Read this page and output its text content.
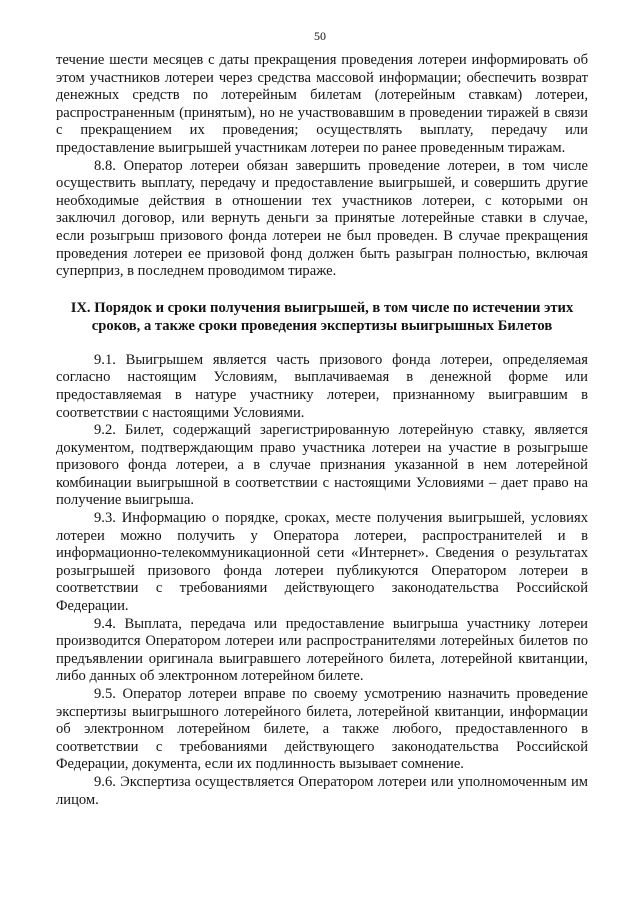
50

течение шести месяцев с даты прекращения проведения лотереи информировать об этом участников лотереи через средства массовой информации; обеспечить возврат денежных средств по лотерейным билетам (лотерейным ставкам) лотереи, распространенным (принятым), но не участвовавшим в проведении тиражей в связи с прекращением их проведения; осуществлять выплату, передачу или предоставление выигрышей участникам лотереи по ранее проведенным тиражам.

8.8. Оператор лотереи обязан завершить проведение лотереи, в том числе осуществить выплату, передачу и предоставление выигрышей, и совершить другие необходимые действия в отношении тех участников лотереи, с которыми он заключил договор, или вернуть деньги за принятые лотерейные ставки в случае, если розыгрыш призового фонда лотереи не был проведен. В случае прекращения проведения лотереи ее призовой фонд должен быть разыгран полностью, включая суперприз, в последнем проводимом тираже.

IX. Порядок и сроки получения выигрышей, в том числе по истечении этих сроков, а также сроки проведения экспертизы выигрышных Билетов

9.1. Выигрышем является часть призового фонда лотереи, определяемая согласно настоящим Условиям, выплачиваемая в денежной форме или предоставляемая в натуре участнику лотереи, признанному выигравшим в соответствии с настоящими Условиями.

9.2. Билет, содержащий зарегистрированную лотерейную ставку, является документом, подтверждающим право участника лотереи на участие в розыгрыше призового фонда лотереи, а в случае признания указанной в нем лотерейной комбинации выигрышной в соответствии с настоящими Условиями – дает право на получение выигрыша.

9.3. Информацию о порядке, сроках, месте получения выигрышей, условиях лотереи можно получить у Оператора лотереи, распространителей и в информационно-телекоммуникационной сети «Интернет». Сведения о результатах розыгрышей призового фонда лотереи публикуются Оператором лотереи в соответствии с требованиями действующего законодательства Российской Федерации.

9.4. Выплата, передача или предоставление выигрыша участнику лотереи производится Оператором лотереи или распространителями лотерейных билетов по предъявлении оригинала выигравшего лотерейного билета, лотерейной квитанции, либо данных об электронном лотерейном билете.

9.5. Оператор лотереи вправе по своему усмотрению назначить проведение экспертизы выигрышного лотерейного билета, лотерейной квитанции, информации об электронном лотерейном билете, а также любого, предоставленного в соответствии с требованиями действующего законодательства Российской Федерации, документа, если их подлинность вызывает сомнение.

9.6. Экспертиза осуществляется Оператором лотереи или уполномоченным им лицом.
